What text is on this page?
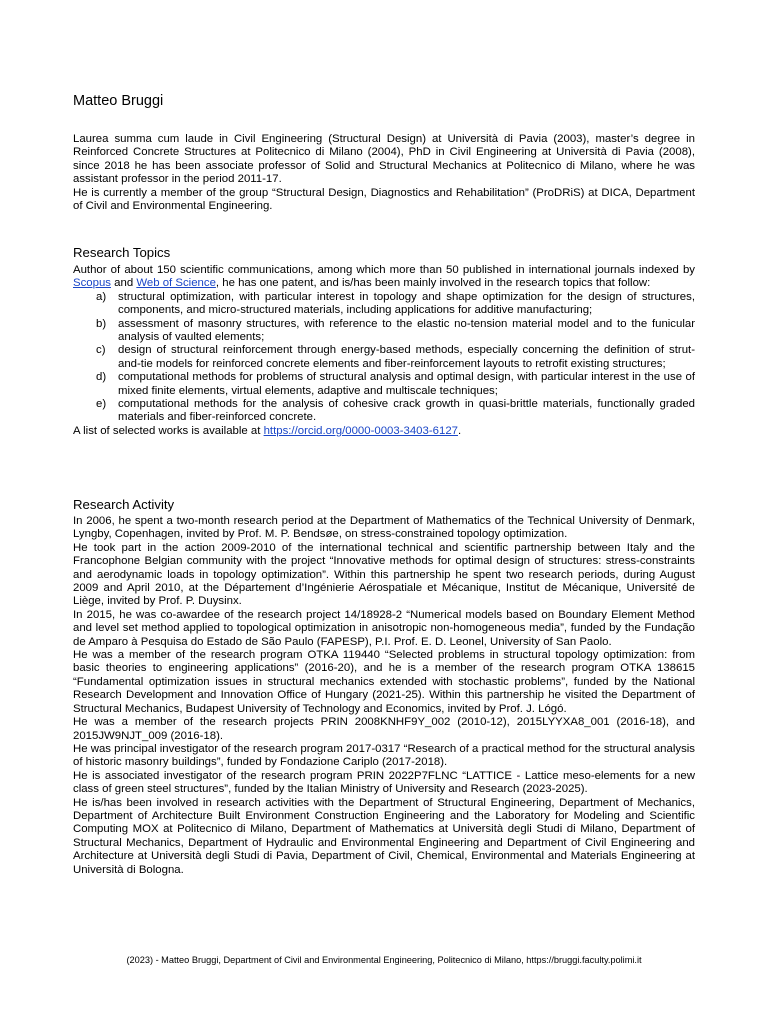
Matteo Bruggi

Laurea summa cum laude in Civil Engineering (Structural Design) at Università di Pavia (2003), master’s degree in Reinforced Concrete Structures at Politecnico di Milano (2004), PhD in Civil Engineering at Università di Pavia (2008), since 2018 he has been associate professor of Solid and Structural Mechanics at Politecnico di Milano, where he was assistant professor in the period 2011-17.

He is currently a member of the group “Structural Design, Diagnostics and Rehabilitation” (ProDRiS) at DICA, Department of Civil and Environmental Engineering.

Research Topics

Author of about 150 scientific communications, among which more than 50 published in international journals indexed by Scopus and Web of Science, he has one patent, and is/has been mainly involved in the research topics that follow:

a)	structural optimization, with particular interest in topology and shape optimization for the design of structures, components, and micro-structured materials, including applications for additive manufacturing;
b)	assessment of masonry structures, with reference to the elastic no-tension material model and to the funicular analysis of vaulted elements;
c)	design of structural reinforcement through energy-based methods, especially concerning the definition of strut-and-tie models for reinforced concrete elements and fiber-reinforcement layouts to retrofit existing structures;
d)	computational methods for problems of structural analysis and optimal design, with particular interest in the use of mixed finite elements, virtual elements, adaptive and multiscale techniques;
e)	computational methods for the analysis of cohesive crack growth in quasi-brittle materials, functionally graded materials and fiber-reinforced concrete.

A list of selected works is available at https://orcid.org/0000-0003-3403-6127.

Research Activity

In 2006, he spent a two-month research period at the Department of Mathematics of the Technical University of Denmark, Lyngby, Copenhagen, invited by Prof. M. P. Bendsøe, on stress-constrained topology optimization.

He took part in the action 2009-2010 of the international technical and scientific partnership between Italy and the Francophone Belgian community with the project “Innovative methods for optimal design of structures: stress-constraints and aerodynamic loads in topology optimization”. Within this partnership he spent two research periods, during August 2009 and April 2010, at the Département d’Ingénierie Aérospatiale et Mécanique, Institut de Mécanique, Université de Liège, invited by Prof. P. Duysinx.

In 2015, he was co-awardee of the research project 14/18928-2 “Numerical models based on Boundary Element Method and level set method applied to topological optimization in anisotropic non-homogeneous media”, funded by the Fundação de Amparo à Pesquisa do Estado de São Paulo (FAPESP), P.I. Prof. E. D. Leonel, University of San Paolo.

He was a member of the research program OTKA 119440 “Selected problems in structural topology optimization: from basic theories to engineering applications” (2016-20), and he is a member of the research program OTKA 138615 “Fundamental optimization issues in structural mechanics extended with stochastic problems”, funded by the National Research Development and Innovation Office of Hungary (2021-25). Within this partnership he visited the Department of Structural Mechanics, Budapest University of Technology and Economics, invited by Prof. J. Lógó.

He was a member of the research projects PRIN 2008KNHF9Y_002 (2010-12), 2015LYYXA8_001 (2016-18), and 2015JW9NJT_009 (2016-18).

He was principal investigator of the research program 2017-0317 “Research of a practical method for the structural analysis of historic masonry buildings”, funded by Fondazione Cariplo (2017-2018).

He is associated investigator of the research program PRIN 2022P7FLNC “LATTICE - Lattice meso-elements for a new class of green steel structures”, funded by the Italian Ministry of University and Research (2023-2025).

He is/has been involved in research activities with the Department of Structural Engineering, Department of Mechanics, Department of Architecture Built Environment Construction Engineering and the Laboratory for Modeling and Scientific Computing MOX at Politecnico di Milano, Department of Mathematics at Università degli Studi di Milano, Department of Structural Mechanics, Department of Hydraulic and Environmental Engineering and Department of Civil Engineering and Architecture at Università degli Studi di Pavia, Department of Civil, Chemical, Environmental and Materials Engineering at Università di Bologna.

(2023) - Matteo Bruggi, Department of Civil and Environmental Engineering, Politecnico di Milano, https://bruggi.faculty.polimi.it
